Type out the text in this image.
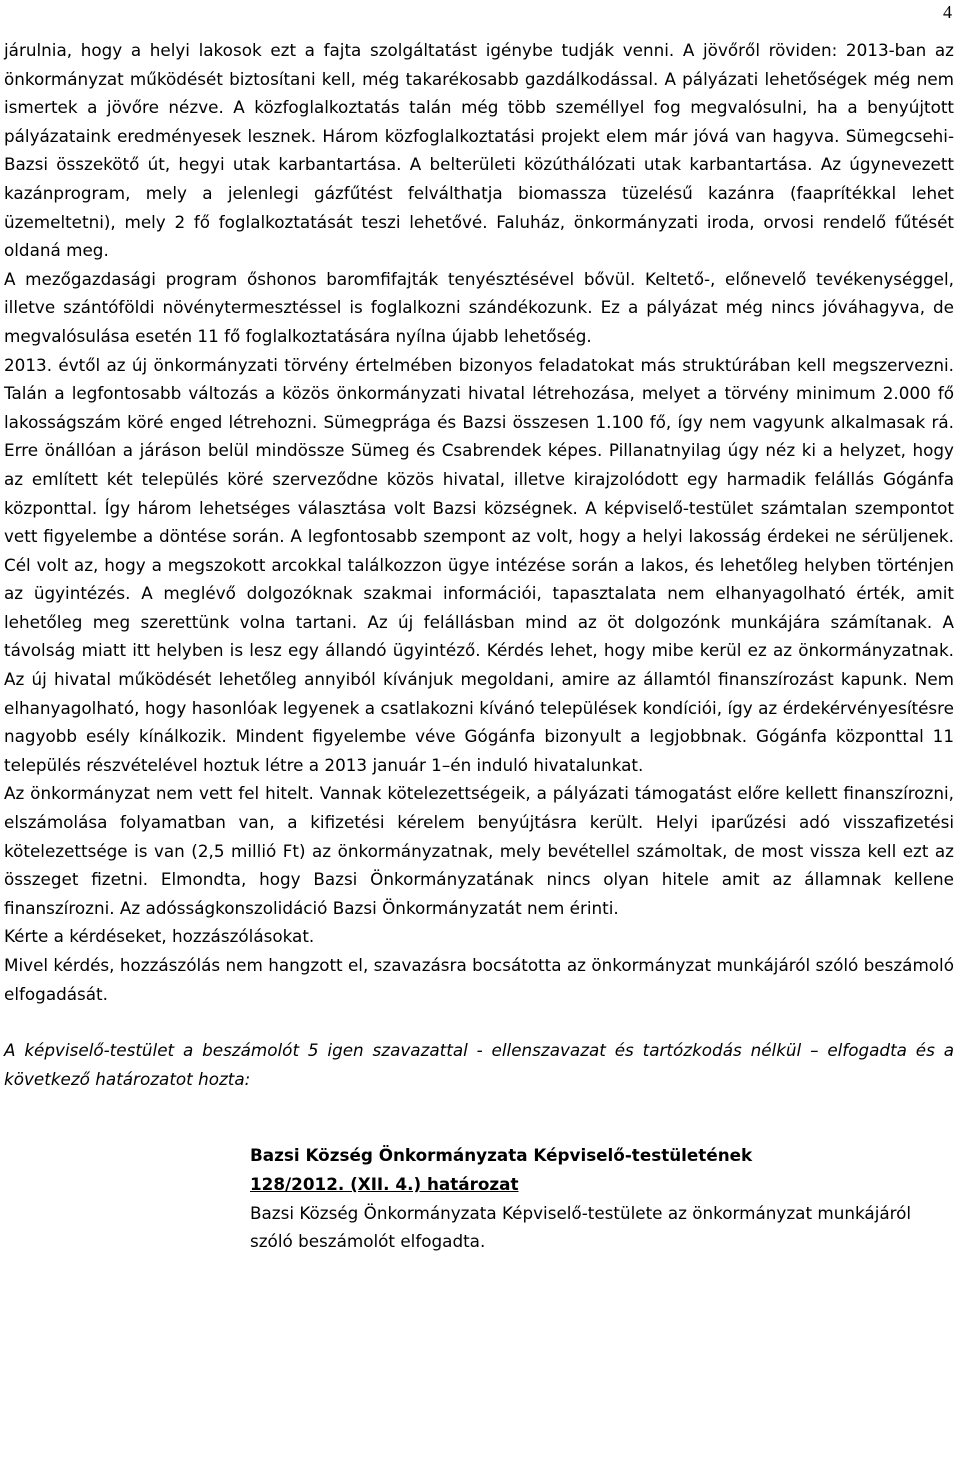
4

járulnia, hogy a helyi lakosok ezt a fajta szolgáltatást igénybe tudják venni. A jövőről röviden: 2013-ban az önkormányzat működését biztosítani kell, még takarékosabb gazdálkodással. A pályázati lehetőségek még nem ismertek a jövőre nézve. A közfoglalkoztatás talán még több személlyel fog megvalósulni, ha a benyújtott pályázataink eredményesek lesznek. Három közfoglalkoztatási projekt elem már jóvá van hagyva. Sümegcsehi-Bazsi összekötő út, hegyi utak karbantartása. A belterületi közúthálózati utak karbantartása. Az úgynevezett kazánprogram, mely a jelenlegi gázfűtést felválthatja biomassza tüzelésű kazánra (faaprítékkal lehet üzemeltetni), mely 2 fő foglalkoztatását teszi lehetővé. Faluház, önkormányzati iroda, orvosi rendelő fűtését oldaná meg.

A mezőgazdasági program őshonos baromfifajták tenyésztésével bővül. Keltető-, előnevelő tevékenységgel, illetve szántóföldi növénytermesztéssel is foglalkozni szándékozunk. Ez a pályázat még nincs jóváhagyva, de megvalósulása esetén 11 fő foglalkoztatására nyílna újabb lehetőség.

2013. évtől az új önkormányzati törvény értelmében bizonyos feladatokat más struktúrában kell megszervezni. Talán a legfontosabb változás a közös önkormányzati hivatal létrehozása, melyet a törvény minimum 2.000 fő lakosságszám köré enged létrehozni. Sümegprága és Bazsi összesen 1.100 fő, így nem vagyunk alkalmasak rá. Erre önállóan a járáson belül mindössze Sümeg és Csabrendek képes. Pillanatnyilag úgy néz ki a helyzet, hogy az említett két település köré szerveződne közös hivatal, illetve kirajzolódott egy harmadik felállás Gógánfa központtal. Így három lehetséges választása volt Bazsi községnek. A képviselő-testület számtalan szempontot vett figyelembe a döntése során. A legfontosabb szempont az volt, hogy a helyi lakosság érdekei ne sérüljenek. Cél volt az, hogy a megszokott arcokkal találkozzon ügye intézése során a lakos, és lehetőleg helyben történjen az ügyintézés. A meglévő dolgozóknak szakmai információi, tapasztalata nem elhanyagolható érték, amit lehetőleg meg szerettünk volna tartani. Az új felállásban mind az öt dolgozónk munkájára számítanak. A távolság miatt itt helyben is lesz egy állandó ügyintéző. Kérdés lehet, hogy mibe kerül ez az önkormányzatnak. Az új hivatal működését lehetőleg annyiból kívánjuk megoldani, amire az államtól finanszírozást kapunk. Nem elhanyagolható, hogy hasonlóak legyenek a csatlakozni kívánó települések kondíciói, így az érdekérvényesítésre nagyobb esély kínálkozik. Mindent figyelembe véve Gógánfa bizonyult a legjobbnak. Gógánfa központtal 11 település részvételével hoztuk létre a 2013 január 1–én induló hivatalunkat.

Az önkormányzat nem vett fel hitelt. Vannak kötelezettségeik, a pályázati támogatást előre kellett finanszírozni, elszámolása folyamatban van, a kifizetési kérelem benyújtásra került. Helyi iparűzési adó visszafizetési kötelezettsége is van (2,5 millió Ft) az önkormányzatnak, mely bevétellel számoltak, de most vissza kell ezt az összeget fizetni. Elmondta, hogy Bazsi Önkormányzatának nincs olyan hitele amit az államnak kellene finanszírozni. Az adósságkonszolidáció Bazsi Önkormányzatát nem érinti.

Kérte a kérdéseket, hozzászólásokat.

Mivel kérdés, hozzászólás nem hangzott el, szavazásra bocsátotta az önkormányzat munkájáról szóló beszámoló elfogadását.

A képviselő-testület a beszámolót 5 igen szavazattal - ellenszavazat és tartózkodás nélkül – elfogadta és a következő határozatot hozta:

Bazsi Község Önkormányzata Képviselő-testületének

128/2012. (XII. 4.) határozat

Bazsi Község Önkormányzata Képviselő-testülete az önkormányzat munkájáról szóló beszámolót elfogadta.
